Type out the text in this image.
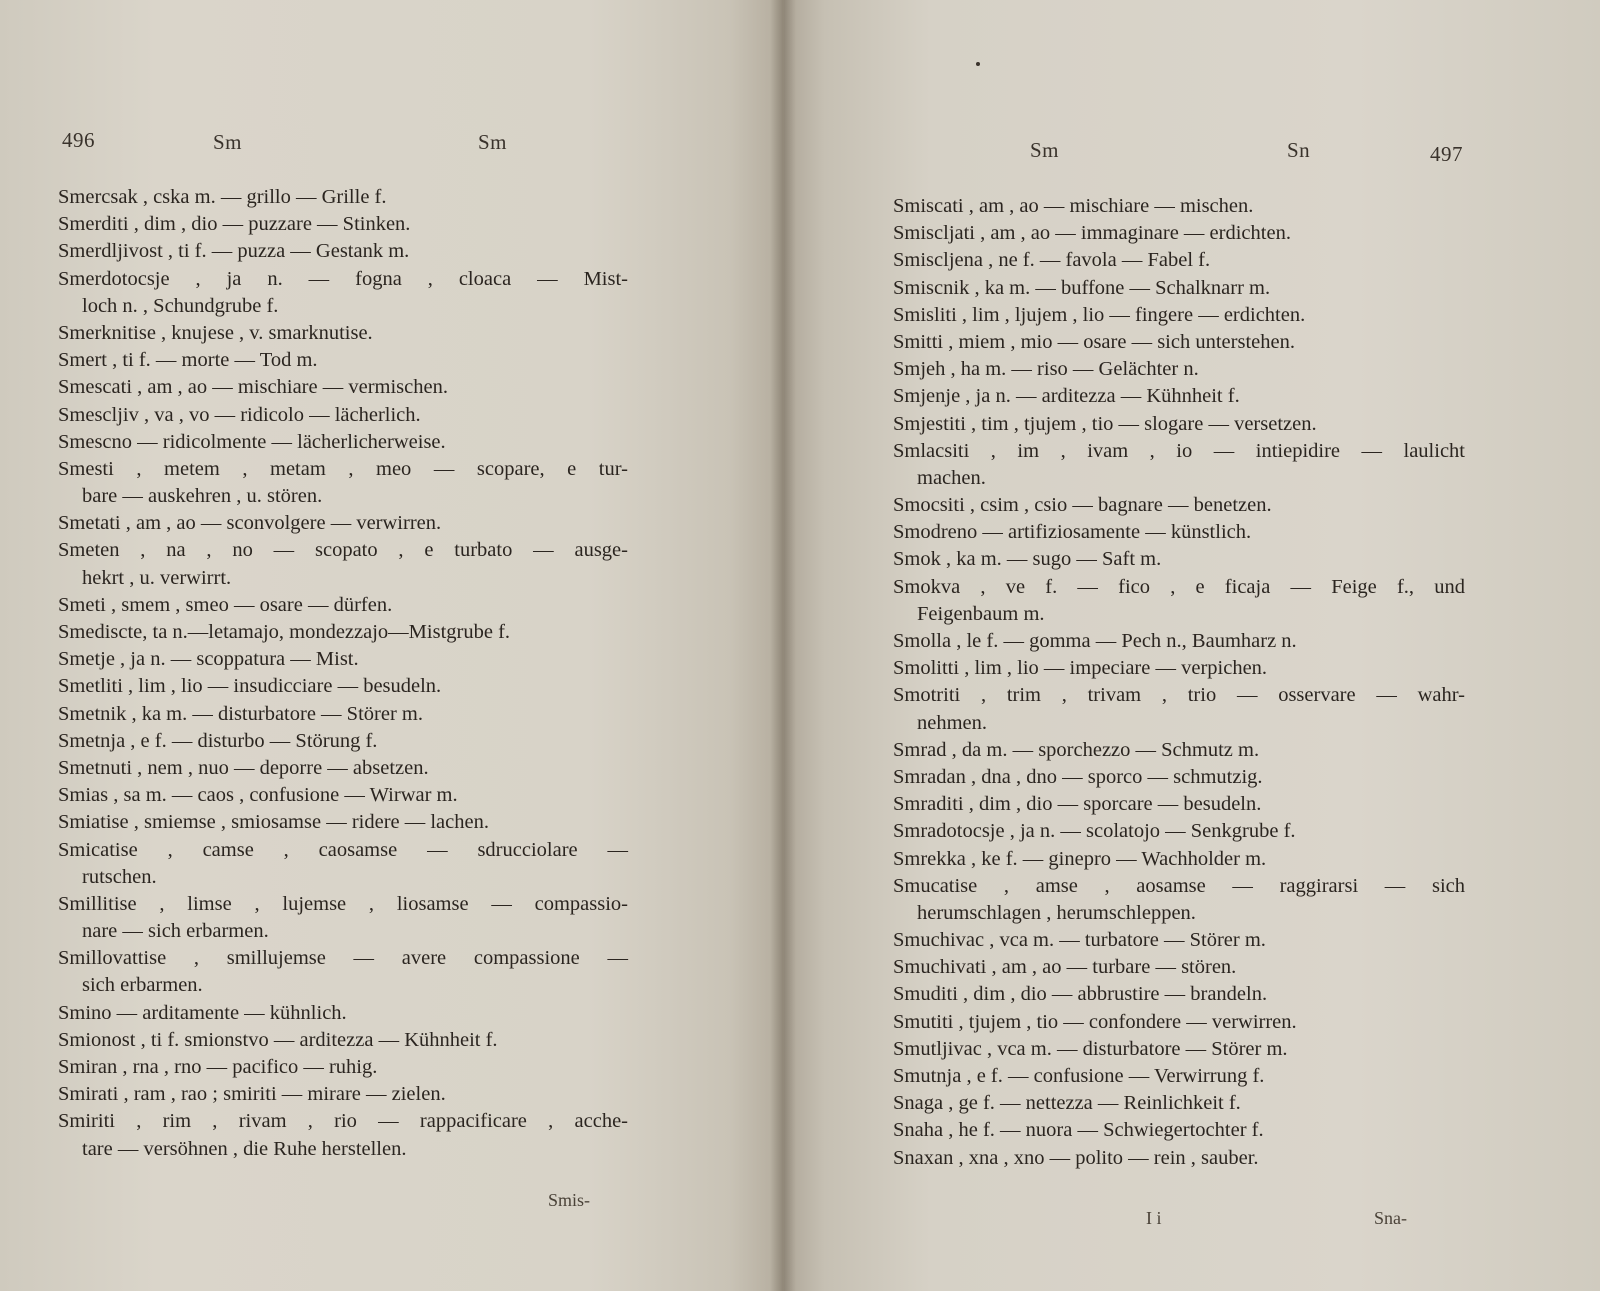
496	Sm	Sm
Smercsak , cska m. — grillo — Grille f.
Smerditi , dim , dio — puzzare — Stinken.
Smerdljivost , ti f. — puzza — Gestank m.
Smerdotocsje , ja n. — fogna , cloaca — Mist-
loch n. , Schundgrube f.
Smerknitise , knujese , v. smarknutise.
Smert , ti f. — morte — Tod m.
Smescati , am , ao — mischiare — vermischen.
Smescljiv , va , vo — ridicolo — lächerlich.
Smescno — ridicolmente — lächerlicherweise.
Smesti , metem , metam , meo — scopare, e tur-
bare — auskehren , u. stören.
Smetati , am , ao — sconvolgere — verwirren.
Smeten , na , no — scopato , e turbato — ausge-
hekrt , u. verwirrt.
Smeti , smem , smeo — osare — dürfen.
Smediscte, ta n.—letamajo, mondezzajo—Mistgrube f.
Smetje , ja n. — scoppatura — Mist.
Smetliti , lim , lio — insudicciare — besudeln.
Smetnik , ka m. — disturbatore — Störer m.
Smetnja , e f. — disturbo — Störung f.
Smetnuti , nem , nuo — deporre — absetzen.
Smias , sa m. — caos , confusione — Wirwar m.
Smiatise , smiemse , smiosamse — ridere — lachen.
Smicatise , camse , caosamse — sdrucciolare —
rutschen.
Smillitise , limse , lujemse , liosamse — compassio-
nare — sich erbarmen.
Smillovattise , smillujemse — avere compassione —
sich erbarmen.
Smino — arditamente — kühnlich.
Smionost , ti f. smionstvo — arditezza — Kühnheit f.
Smiran , rna , rno — pacifico — ruhig.
Smirati , ram , rao ; smiriti — mirare — zielen.
Smiriti , rim , rivam , rio — rappacificare , acche-
tare — versöhnen , die Ruhe herstellen.
Smis-
Sm	Sn	497
Smiscati , am , ao — mischiare — mischen.
Smiscljati , am , ao — immaginare — erdichten.
Smiscljena , ne f. — favola — Fabel f.
Smiscnik , ka m. — buffone — Schalknarr m.
Smisliti , lim , ljujem , lio — fingere — erdichten.
Smitti , miem , mio — osare — sich unterstehen.
Smjeh , ha m. — riso — Gelächter n.
Smjenje , ja n. — arditezza — Kühnheit f.
Smjestiti , tim , tjujem , tio — slogare — versetzen.
Smlacsiti , im , ivam , io — intiepidire — laulicht
machen.
Smocsiti , csim , csio — bagnare — benetzen.
Smodreno — artifiziosamente — künstlich.
Smok , ka m. — sugo — Saft m.
Smokva , ve f. — fico , e ficaja — Feige f., und
Feigenbaum m.
Smolla , le f. — gomma — Pech n., Baumharz n.
Smolitti , lim , lio — impeciare — verpichen.
Smotriti , trim , trivam , trio — osservare — wahr-
nehmen.
Smrad , da m. — sporchezzo — Schmutz m.
Smradan , dna , dno — sporco — schmutzig.
Smraditi , dim , dio — sporcare — besudeln.
Smradotocsje , ja n. — scolatojo — Senkgrube f.
Smrekka , ke f. — ginepro — Wachholder m.
Smucatise , amse , aosamse — raggirarsi — sich
herumschlagen , herumschleppen.
Smuchivac , vca m. — turbatore — Störer m.
Smuchivati , am , ao — turbare — stören.
Smuditi , dim , dio — abbrustire — brandeln.
Smutiti , tjujem , tio — confondere — verwirren.
Smutljivac , vca m. — disturbatore — Störer m.
Smutnja , e f. — confusione — Verwirrung f.
Snaga , ge f. — nettezza — Reinlichkeit f.
Snaha , he f. — nuora — Schwiegertochter f.
Snaxan , xna , xno — polito — rein , sauber.
I i	Sna-
